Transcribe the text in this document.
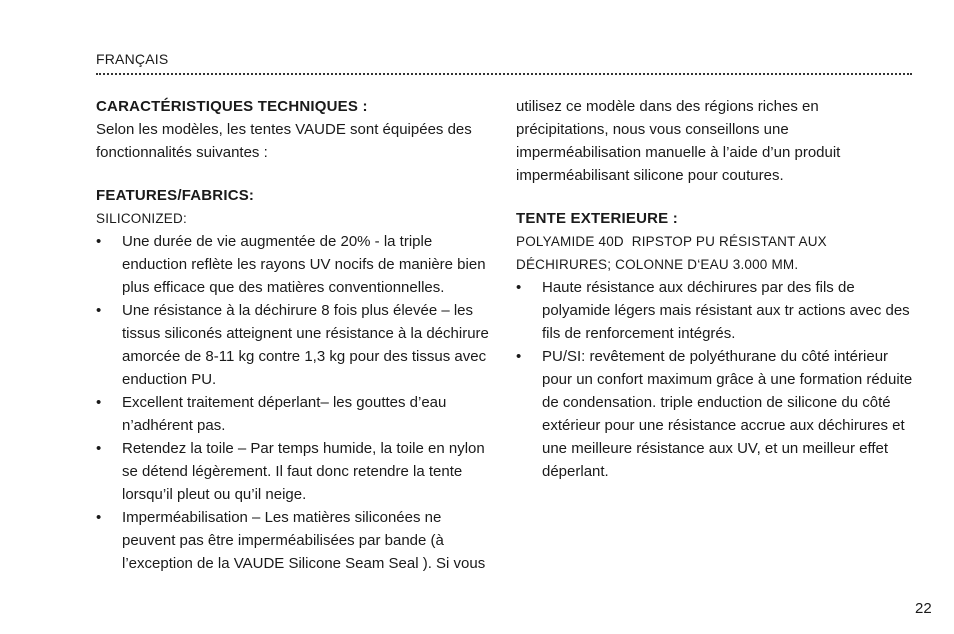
FRANÇAIS
CARACTÉRISTIQUES TECHNIQUES :

Selon les modèles, les tentes VAUDE sont équipées des fonctionnalités suivantes :

FEATURES/FABRICS:

SILICONIZED:

• Une durée de vie augmentée de 20% - la triple enduction reflète les rayons UV nocifs de manière bien plus efficace que des matières conventionnelles.
• Une résistance à la déchirure 8 fois plus élevée – les tissus siliconés atteignent une résistance à la déchirure amorcée de 8-11 kg contre 1,3 kg pour des tissus avec enduction PU.
• Excellent traitement déperlant– les gouttes d’eau n’adhérent pas.
• Retendez la toile – Par temps humide, la toile en nylon se détend légèrement. Il faut donc retendre la tente lorsqu’il pleut ou qu’il neige.
• Imperméabilisation – Les matières siliconées ne peuvent pas être imperméabilisées par bande (à l’exception de la VAUDE Silicone Seam Seal ). Si vous

utilisez ce modèle dans des régions riches en précipitations, nous vous conseillons une imperméabilisation manuelle à l’aide d’un produit imperméabilisant silicone pour coutures.

TENTE EXTERIEURE :

POLYAMIDE 40D  RIPSTOP PU RÉSISTANT AUX DÉCHIRURES; COLONNE D‘EAU 3.000 MM.

• Haute résistance aux déchirures par des fils de polyamide légers mais résistant aux tr actions avec des fils de renforcement intégrés.
• PU/SI: revêtement de polyéthurane du côté intérieur pour un confort maximum grâce à une formation réduite de condensation. triple enduction de silicone du côté extérieur pour une résistance accrue aux déchirures et une meilleure résistance aux UV, et un meilleur effet déperlant.
22
